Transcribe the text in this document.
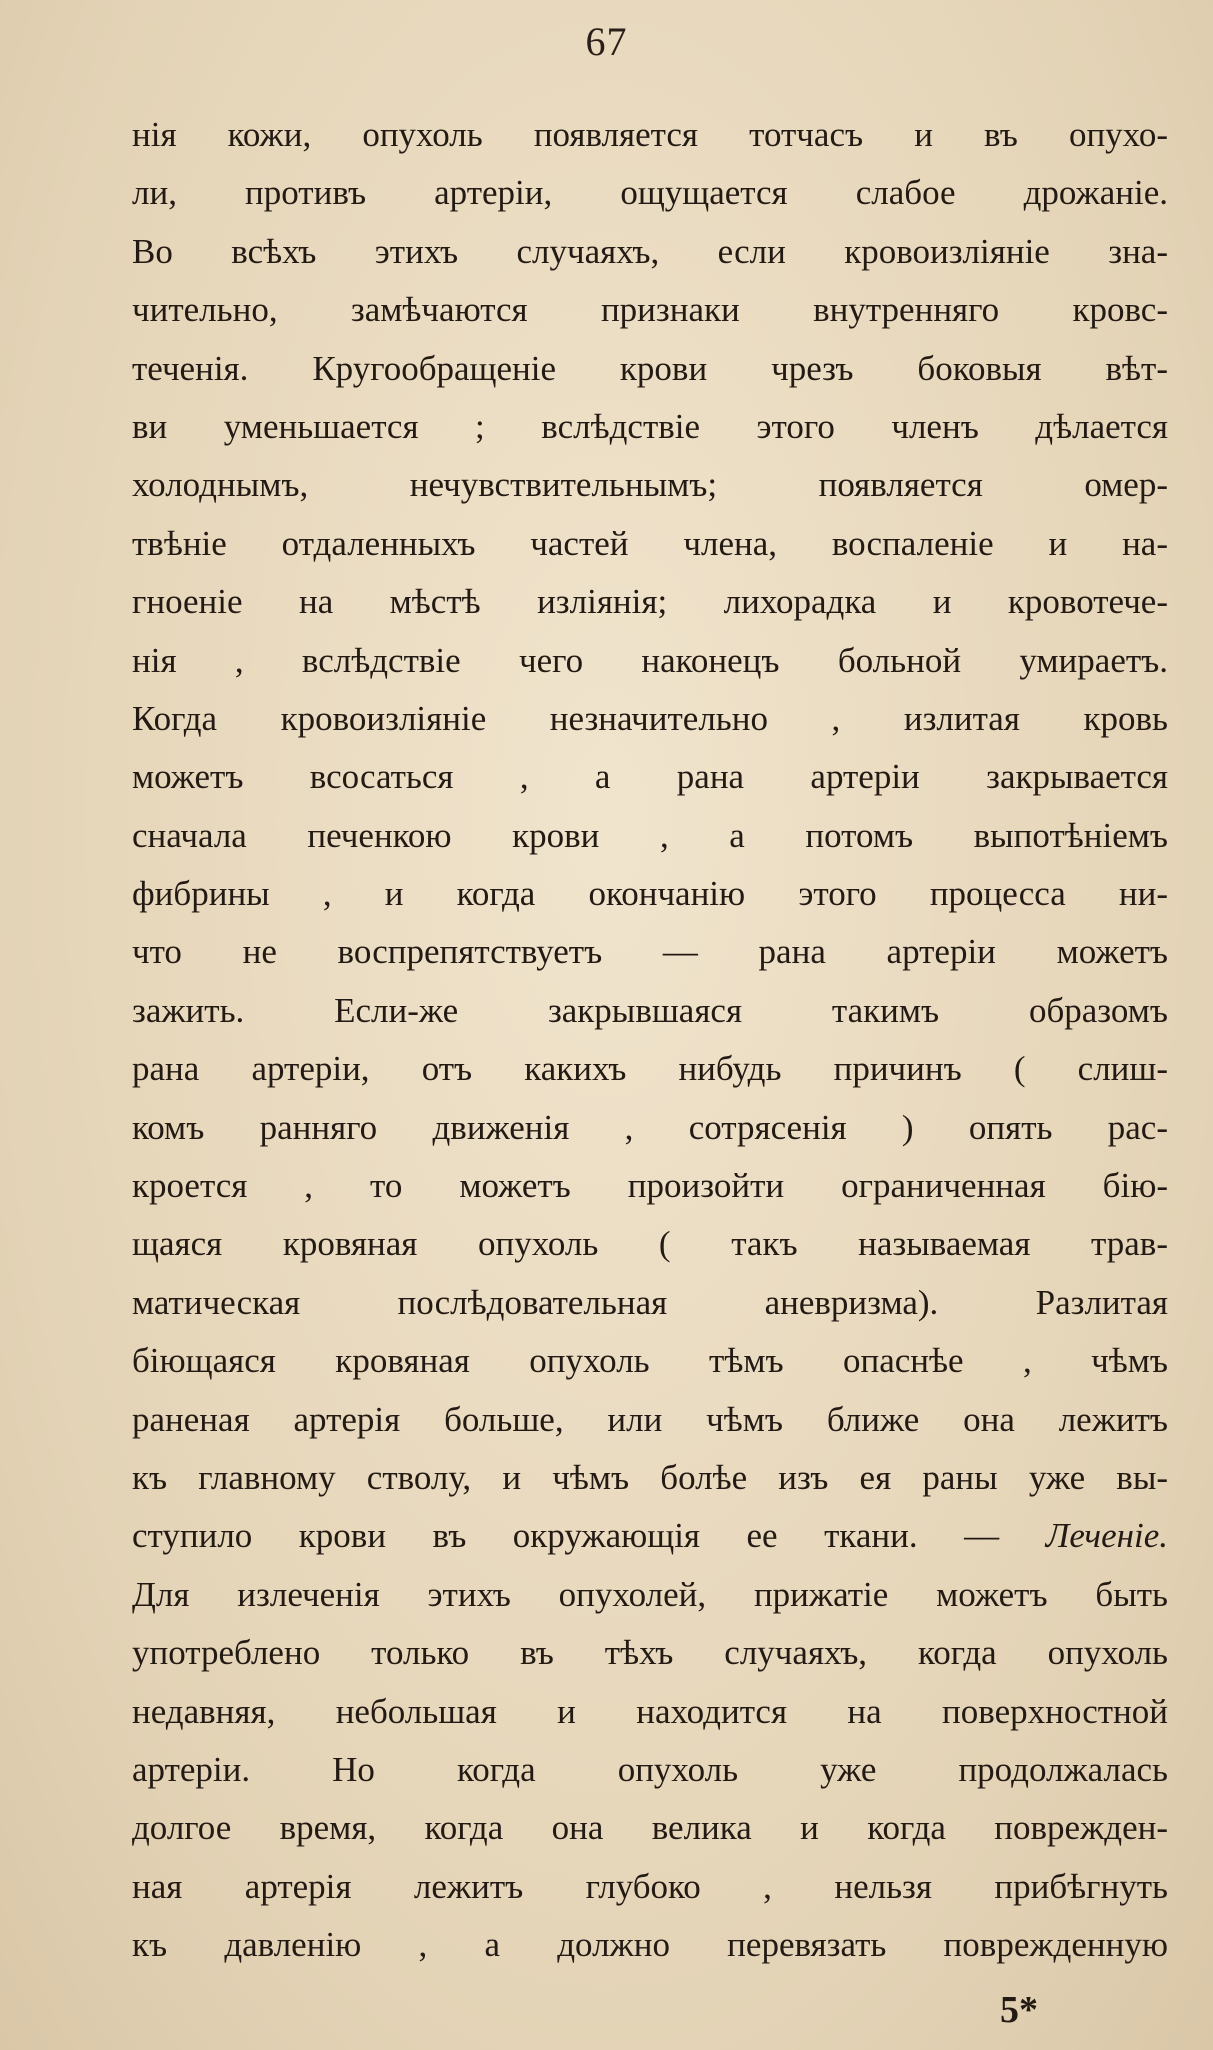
67
нія кожи, опухоль появляется тотчасъ и въ опухо-
ли, противъ артеріи, ощущается слабое дрожаніе.
Во всѣхъ этихъ случаяхъ, если кровоизліяніе зна-
чительно, замѣчаются признаки внутренняго кровс-
теченія. Кругообращеніе крови чрезъ боковыя вѣт-
ви уменьшается ; вслѣдствіе этого членъ дѣлается
холоднымъ, нечувствительнымъ; появляется омер-
твѣніе отдаленныхъ частей члена, воспаленіе и на-
гноеніе на мѣстѣ изліянія; лихорадка и кровотече-
нія , вслѣдствіе чего наконецъ больной умираетъ.
Когда кровоизліяніе незначительно , излитая кровь
можетъ всосаться , а рана артеріи закрывается
сначала печенкою крови , а потомъ выпотѣніемъ
фибрины , и когда окончанію этого процесса ни-
что не воспрепятствуетъ — рана артеріи можетъ
зажить. Если-же закрывшаяся такимъ образомъ
рана артеріи, отъ какихъ нибудь причинъ ( слиш-
комъ ранняго движенія , сотрясенія ) опять рас-
кроется , то можетъ произойти ограниченная бію-
щаяся кровяная опухоль ( такъ называемая трав-
матическая послѣдовательная аневризма). Разлитая
біющаяся кровяная опухоль тѣмъ опаснѣе , чѣмъ
раненая артерія больше, или чѣмъ ближе она лежитъ
къ главному стволу, и чѣмъ болѣе изъ ея раны уже вы-
ступило крови въ окружающія ее ткани. — Леченіе.
Для излеченія этихъ опухолей, прижатіе можетъ быть
употреблено только въ тѣхъ случаяхъ, когда опухоль
недавняя, небольшая и находится на поверхностной
артеріи. Но когда опухоль уже продолжалась
долгое время, когда она велика и когда поврежден-
ная артерія лежитъ глубоко , нельзя прибѣгнуть
къ давленію , а должно перевязать поврежденную
5*
